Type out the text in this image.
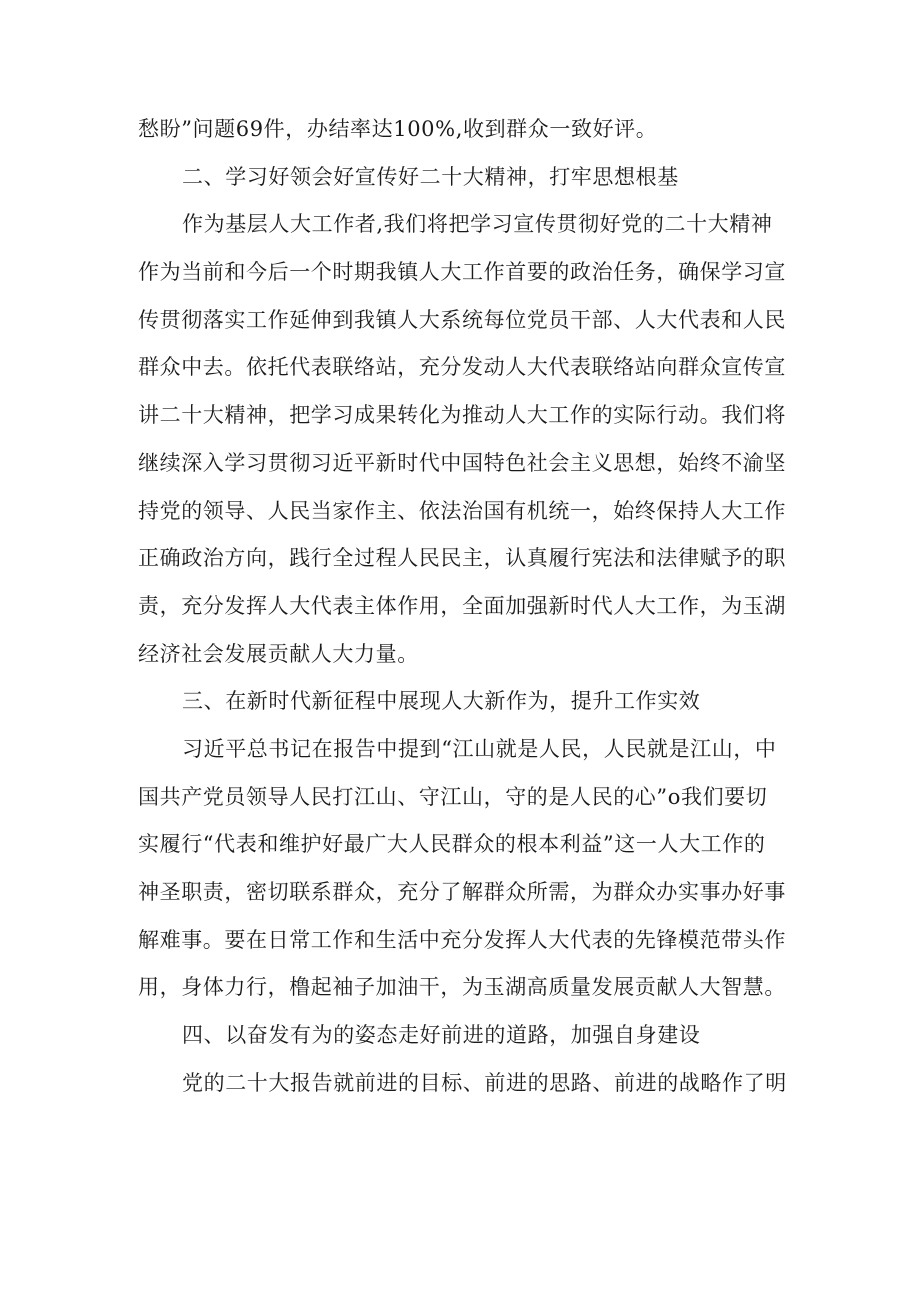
愁盼”问题69件，办结率达100%,收到群众一致好评。
二、学习好领会好宣传好二十大精神，打牢思想根基
作为基层人大工作者,我们将把学习宣传贯彻好党的二十大精神
作为当前和今后一个时期我镇人大工作首要的政治任务，确保学习宣
传贯彻落实工作延伸到我镇人大系统每位党员干部、人大代表和人民
群众中去。依托代表联络站，充分发动人大代表联络站向群众宣传宣
讲二十大精神，把学习成果转化为推动人大工作的实际行动。我们将
继续深入学习贯彻习近平新时代中国特色社会主义思想，始终不渝坚
持党的领导、人民当家作主、依法治国有机统一，始终保持人大工作
正确政治方向，践行全过程人民民主，认真履行宪法和法律赋予的职
责，充分发挥人大代表主体作用，全面加强新时代人大工作，为玉湖
经济社会发展贡献人大力量。
三、在新时代新征程中展现人大新作为，提升工作实效
习近平总书记在报告中提到“江山就是人民，人民就是江山，中
国共产党员领导人民打江山、守江山，守的是人民的心”o我们要切
实履行“代表和维护好最广大人民群众的根本利益”这一人大工作的
神圣职责，密切联系群众，充分了解群众所需，为群众办实事办好事
解难事。要在日常工作和生活中充分发挥人大代表的先锋模范带头作
用，身体力行，橹起袖子加油干，为玉湖高质量发展贡献人大智慧。
四、以奋发有为的姿态走好前进的道路，加强自身建设
党的二十大报告就前进的目标、前进的思路、前进的战略作了明
